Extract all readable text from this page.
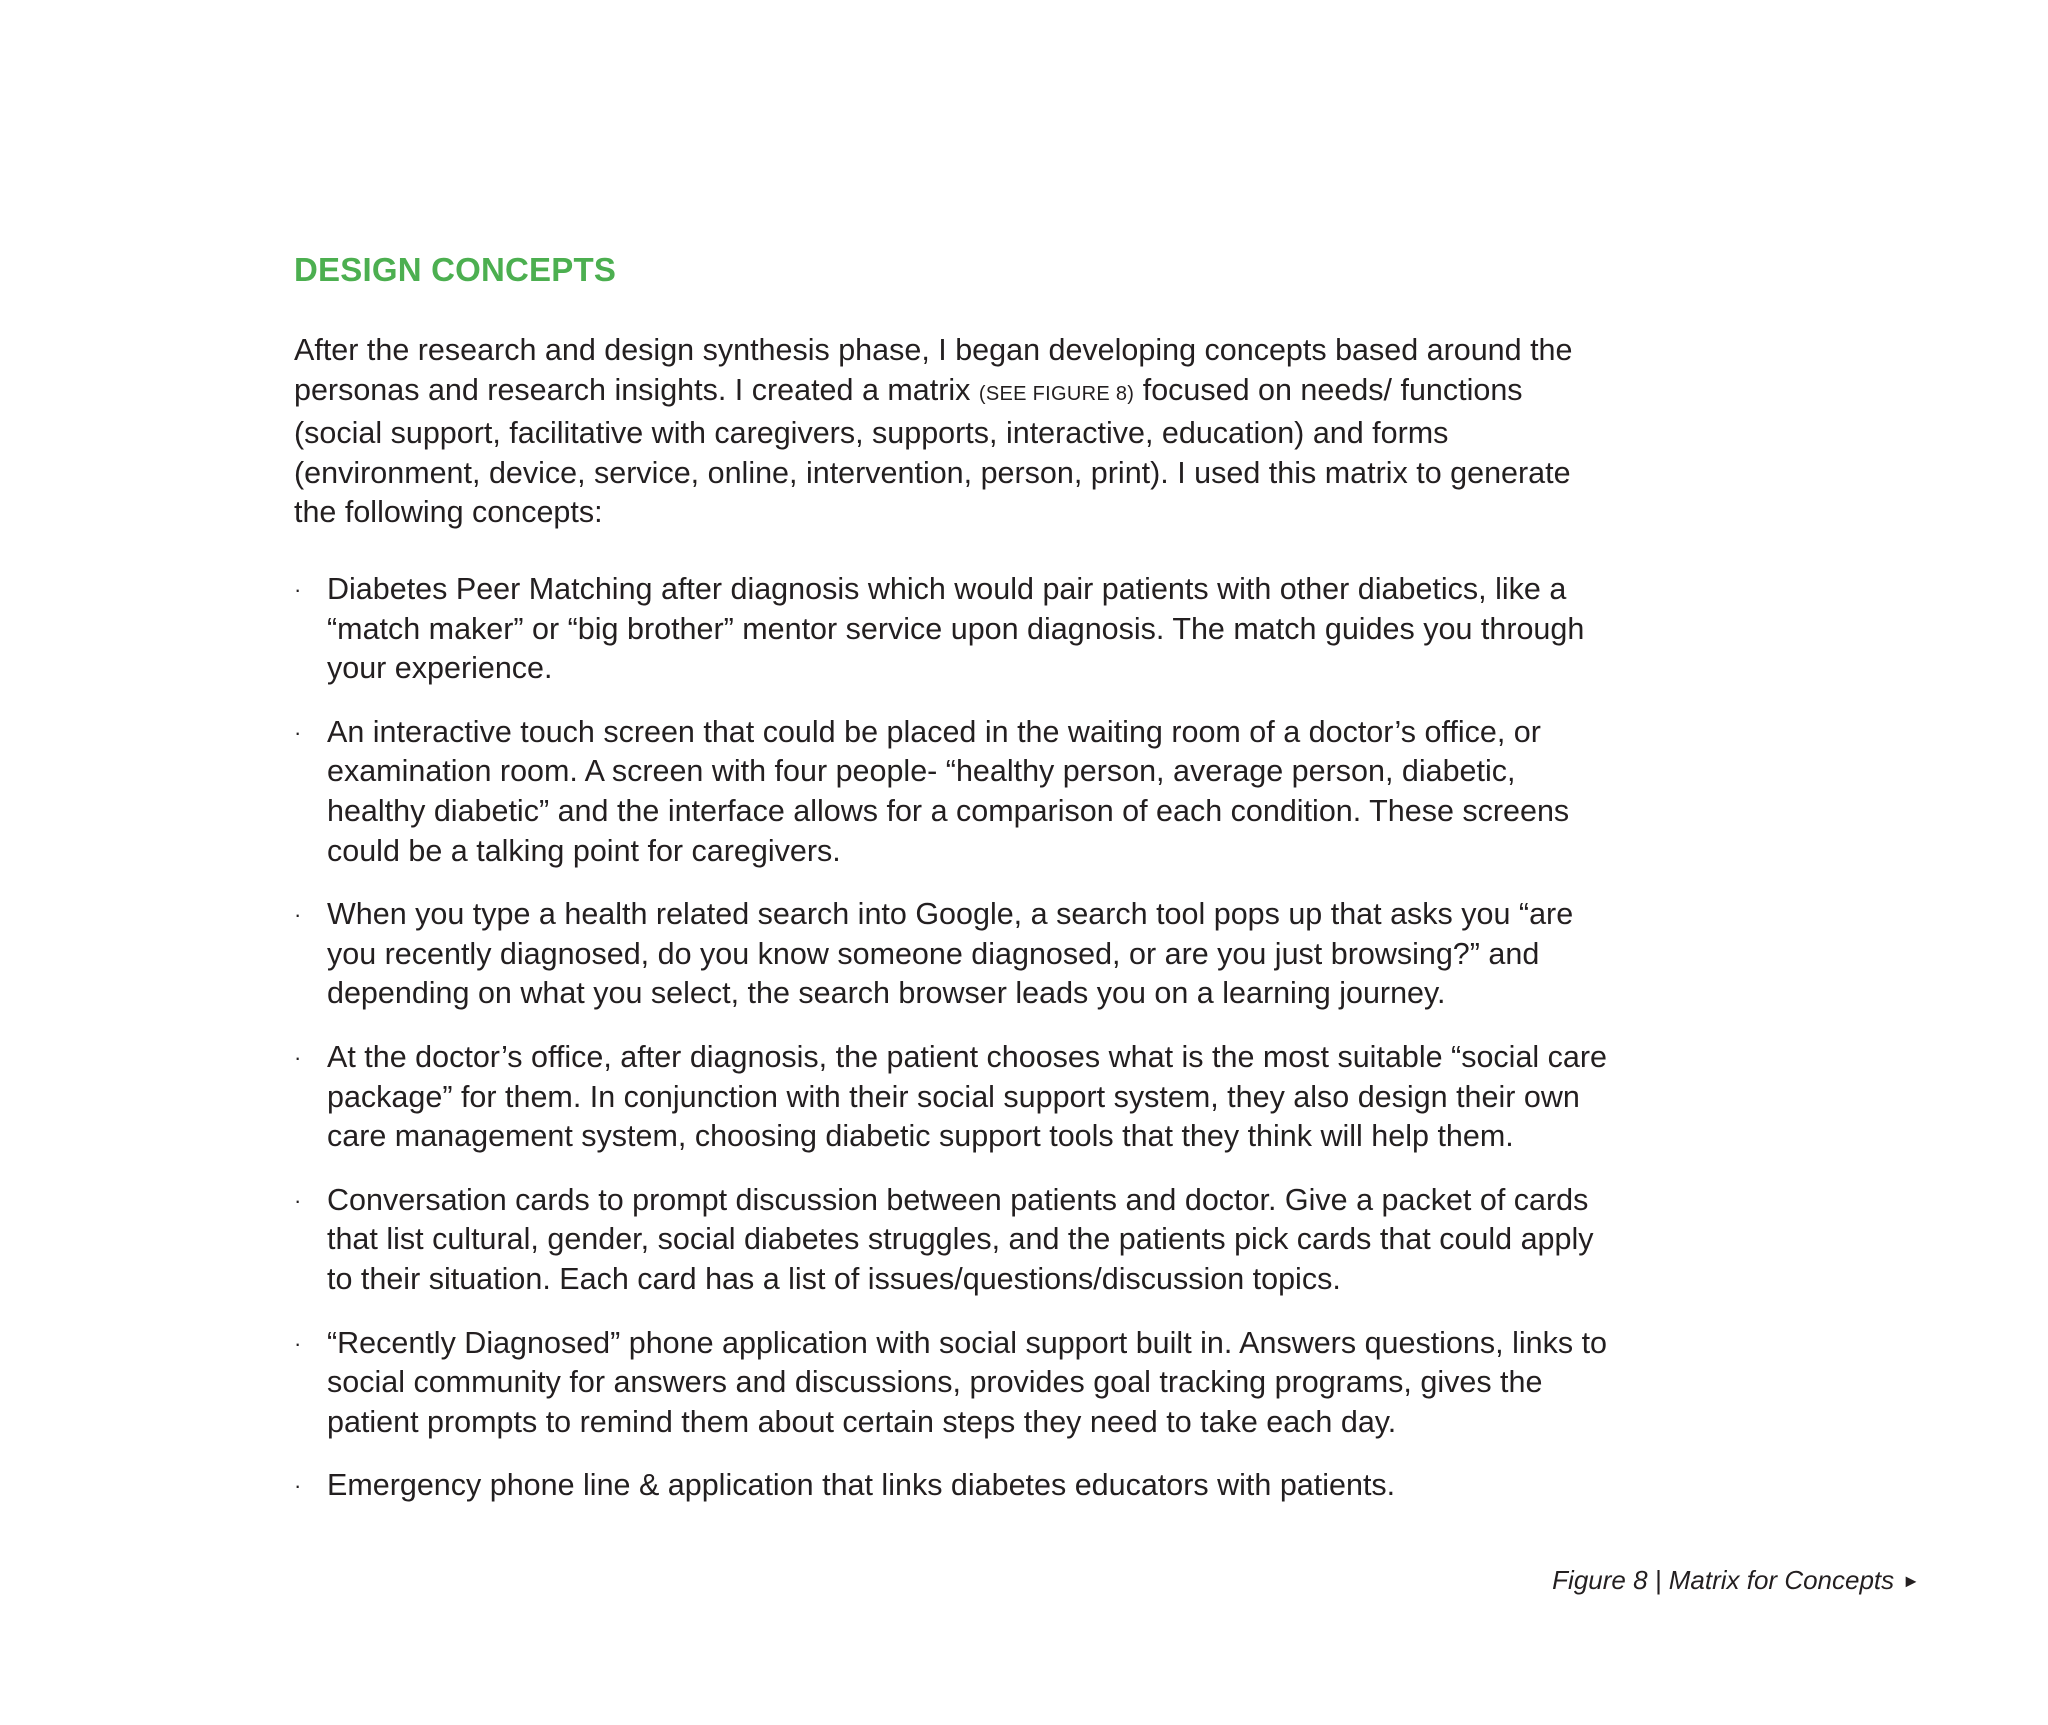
DESIGN CONCEPTS

After the research and design synthesis phase, I began developing concepts based around the personas and research insights. I created a matrix (SEE FIGURE 8) focused on needs/ functions (social support, facilitative with caregivers, supports, interactive, education) and forms (environment, device, service, online, intervention, person, print). I used this matrix to generate the following concepts:

· Diabetes Peer Matching after diagnosis which would pair patients with other diabetics, like a “match maker” or “big brother” mentor service upon diagnosis. The match guides you through your experience.
· An interactive touch screen that could be placed in the waiting room of a doctor’s office, or examination room. A screen with four people- “healthy person, average person, diabetic, healthy diabetic” and the interface allows for a comparison of each condition. These screens could be a talking point for caregivers.
· When you type a health related search into Google, a search tool pops up that asks you “are you recently diagnosed, do you know someone diagnosed, or are you just browsing?” and depending on what you select, the search browser leads you on a learning journey.
· At the doctor’s office, after diagnosis, the patient chooses what is the most suitable “social care package” for them. In conjunction with their social support system, they also design their own care management system, choosing diabetic support tools that they think will help them.
· Conversation cards to prompt discussion between patients and doctor. Give a packet of cards that list cultural, gender, social diabetes struggles, and the patients pick cards that could apply to their situation. Each card has a list of issues/questions/discussion topics.
· “Recently Diagnosed” phone application with social support built in. Answers questions, links to social community for answers and discussions, provides goal tracking programs, gives the patient prompts to remind them about certain steps they need to take each day.
· Emergency phone line & application that links diabetes educators with patients.
Figure 8 | Matrix for Concepts ►
